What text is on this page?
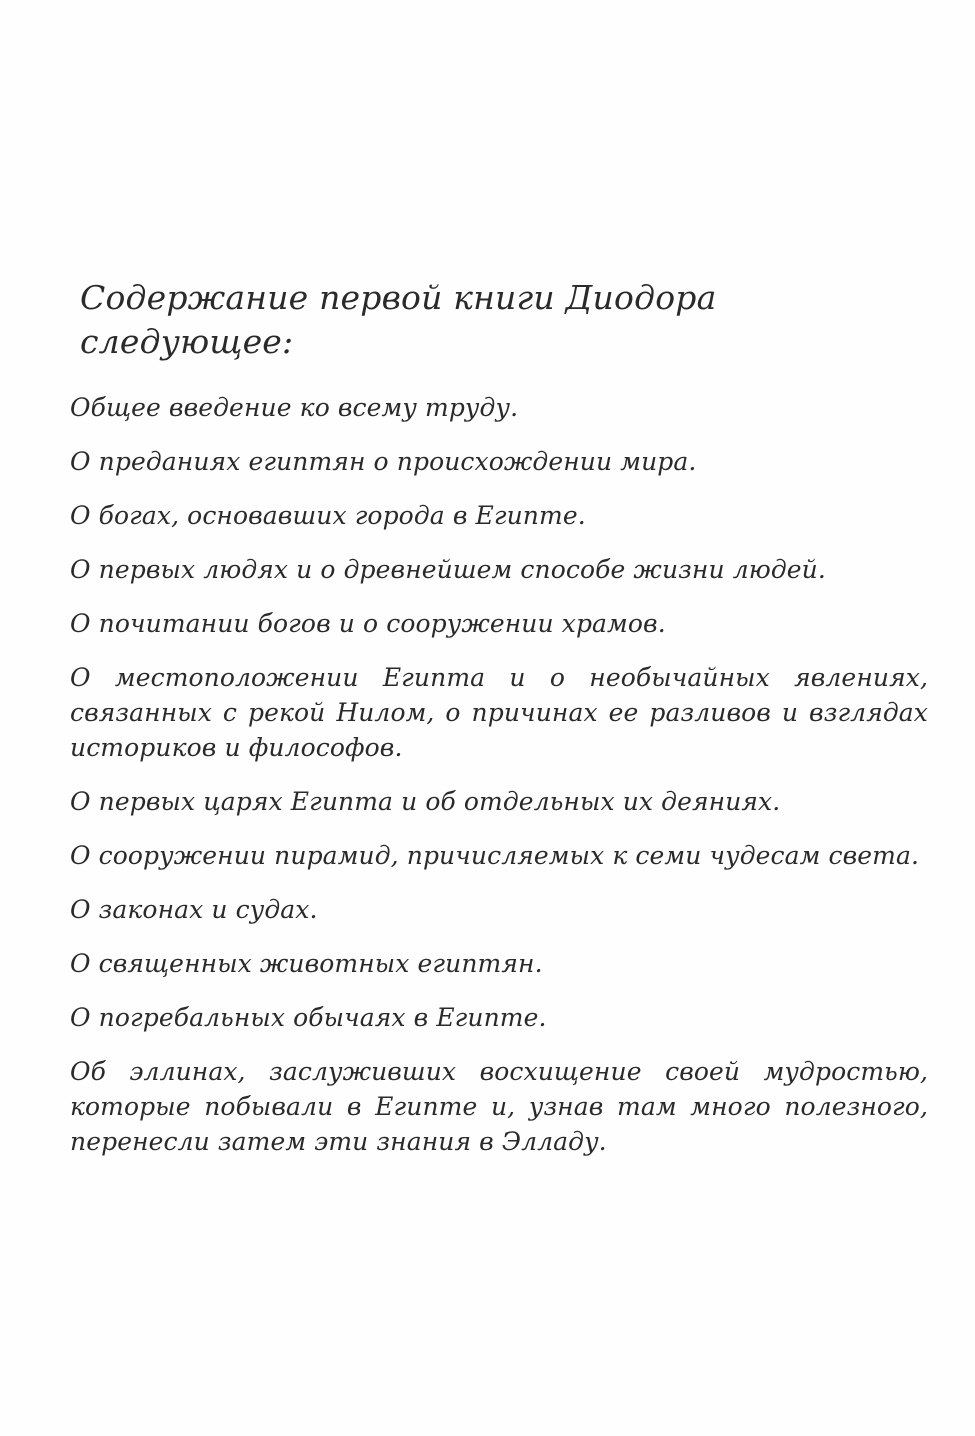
Содержание первой книги Диодора следующее:
Общее введение ко всему труду.
О преданиях египтян о происхождении мира.
О богах, основавших города в Египте.
О первых людях и о древнейшем способе жизни людей.
О почитании богов и о сооружении храмов.
О местоположении Египта и о необычайных явлениях, связанных с рекой Нилом, о причинах ее разливов и взглядах историков и философов.
О первых царях Египта и об отдельных их деяниях.
О сооружении пирамид, причисляемых к семи чудесам света.
О законах и судах.
О священных животных египтян.
О погребальных обычаях в Египте.
Об эллинах, заслуживших восхищение своей мудростью, которые побывали в Египте и, узнав там много полезного, перенесли затем эти знания в Элладу.
